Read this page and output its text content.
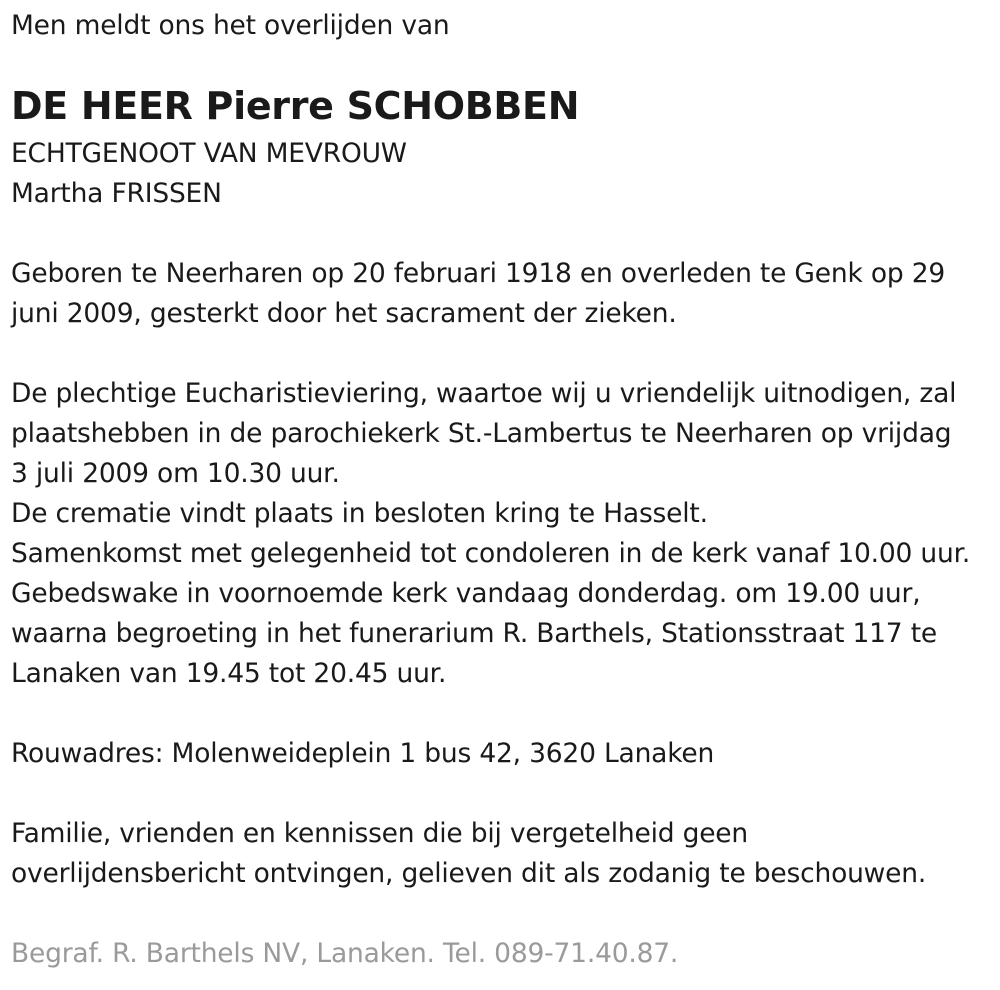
Men meldt ons het overlijden van
DE HEER Pierre SCHOBBEN
ECHTGENOOT VAN MEVROUW
Martha FRISSEN
Geboren te Neerharen op 20 februari 1918 en overleden te Genk op 29
juni 2009, gesterkt door het sacrament der zieken.
De plechtige Eucharistieviering, waartoe wij u vriendelijk uitnodigen, zal
plaatshebben in de parochiekerk St.-Lambertus te Neerharen op vrijdag
3 juli 2009 om 10.30 uur.
De crematie vindt plaats in besloten kring te Hasselt.
Samenkomst met gelegenheid tot condoleren in de kerk vanaf 10.00 uur.
Gebedswake in voornoemde kerk vandaag donderdag. om 19.00 uur,
waarna begroeting in het funerarium R. Barthels, Stationsstraat 117 te
Lanaken van 19.45 tot 20.45 uur.
Rouwadres: Molenweideplein 1 bus 42, 3620 Lanaken
Familie, vrienden en kennissen die bij vergetelheid geen
overlijdensbericht ontvingen, gelieven dit als zodanig te beschouwen.
Begraf. R. Barthels NV, Lanaken. Tel. 089-71.40.87.
